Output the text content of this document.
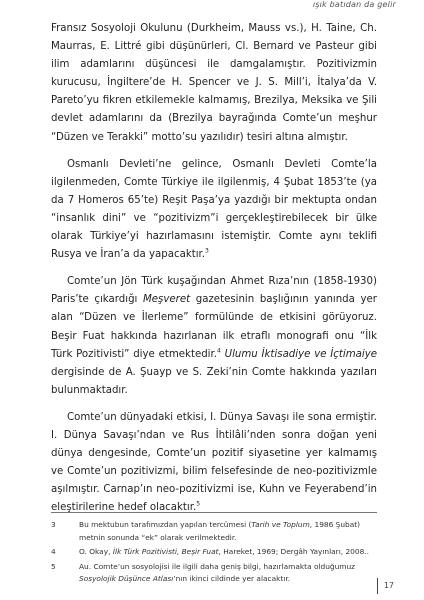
ışık batıdan da gelir

Fransız Sosyoloji Okulunu (Durkheim, Mauss vs.), H. Taine, Ch. Maurras, E. Littré gibi düşünürleri, Cl. Bernard ve Pasteur gibi ilim adamlarını düşüncesi ile damgalamıştır. Pozitivizmin kurucusu, İngiltere’de H. Spencer ve J. S. Mill’i, İtalya’da V. Pareto’yu fikren etkilemekle kalmamış, Brezilya, Meksika ve Şili devlet adamlarını da (Brezilya bayrağında Comte’un meşhur “Düzen ve Terakki” motto’su yazılıdır) tesiri altına almıştır.

Osmanlı Devleti’ne gelince, Osmanlı Devleti Comte’la ilgilenmeden, Comte Türkiye ile ilgilenmiş, 4 Şubat 1853’te (ya da 7 Homeros 65’te) Reşit Paşa’ya yazdığı bir mektupta ondan “insanlık dini” ve “pozitivizm”i gerçekleştirebilecek bir ülke olarak Türkiye’yi hazırlamasını istemiştir. Comte aynı teklifi Rusya ve İran’a da yapacaktır.$^3$

Comte’un Jön Türk kuşağından Ahmet Rıza’nın (1858-1930) Paris’te çıkardığı Meşveret gazetesinin başlığının yanında yer alan “Düzen ve İlerleme” formülünde de etkisini görüyoruz. Beşir Fuat hakkında hazırlanan ilk etraflı monografi onu “İlk Türk Pozitivisti” diye etmektedir.$^4$ Ulumu İktisadiye ve İçtimaiye dergisinde de A. Şuayp ve S. Zeki’nin Comte hakkında yazıları bulunmaktadır.

Comte’un dünyadaki etkisi, I. Dünya Savaşı ile sona ermiştir. I. Dünya Savaşı’ndan ve Rus İhtilâli’nden sonra doğan yeni dünya dengesinde, Comte’un pozitif siyasetine yer kalmamış ve Comte’un pozitivizmi, bilim felsefesinde de neo-pozitivizmle aşılmıştır. Carnap’ın neo-pozitivizmi ise, Kuhn ve Feyerabend’in eleştirilerine hedef olacaktır.$^5$

3	Bu mektubun tarafımızdan yapılan tercümesi (Tarih ve Toplum, 1986 Şubat) metnin sonunda “ek” olarak verilmektedir.
4	O. Okay, İlk Türk Pozitivisti, Beşir Fuat, Hareket, 1969; Dergâh Yayınları, 2008..
5	Au. Comte’un sosyolojisi ile ilgili daha geniş bilgi, hazırlamakta olduğumuz Sosyolojik Düşünce Atlası’nın ikinci cildinde yer alacaktır.
17
